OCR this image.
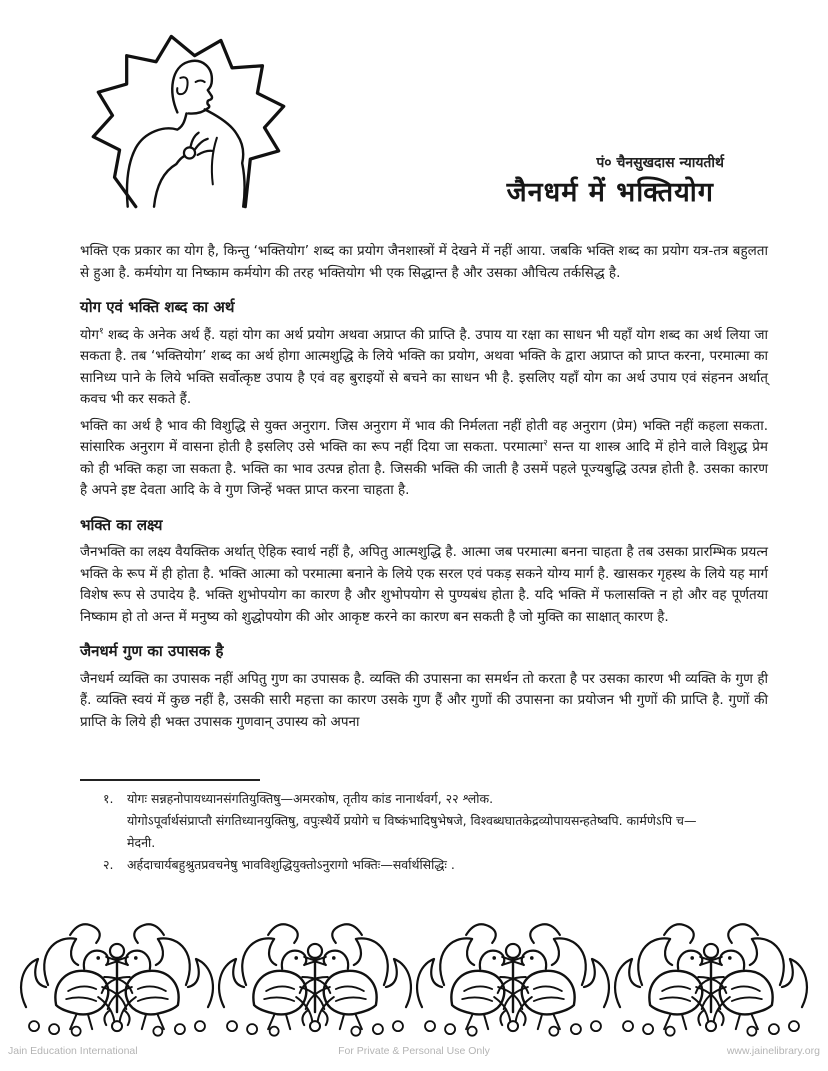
पं० चैनसुखदास न्यायतीर्थ
जैनधर्म में भक्तियोग

भक्ति एक प्रकार का योग है, किन्तु ‘भक्तियोग’ शब्द का प्रयोग जैनशास्त्रों में देखने में नहीं आया. जबकि भक्ति शब्द का प्रयोग यत्र-तत्र बहुलता से हुआ है. कर्मयोग या निष्काम कर्मयोग की तरह भक्तियोग भी एक सिद्धान्त है और उसका औचित्य तर्कसिद्ध है.

योग एवं भक्ति शब्द का अर्थ

योग$^१$ शब्द के अनेक अर्थ हैं. यहां योग का अर्थ प्रयोग अथवा अप्राप्त की प्राप्ति है. उपाय या रक्षा का साधन भी यहाँ योग शब्द का अर्थ लिया जा सकता है. तब ‘भक्तियोग’ शब्द का अर्थ होगा आत्मशुद्धि के लिये भक्ति का प्रयोग, अथवा भक्ति के द्वारा अप्राप्त को प्राप्त करना, परमात्मा का सानिध्य पाने के लिये भक्ति सर्वोत्कृष्ट उपाय है एवं वह बुराइयों से बचने का साधन भी है. इसलिए यहाँ योग का अर्थ उपाय एवं संहनन अर्थात् कवच भी कर सकते हैं.

भक्ति का अर्थ है भाव की विशुद्धि से युक्त अनुराग. जिस अनुराग में भाव की निर्मलता नहीं होती वह अनुराग (प्रेम) भक्ति नहीं कहला सकता. सांसारिक अनुराग में वासना होती है इसलिए उसे भक्ति का रूप नहीं दिया जा सकता. परमात्मा$^२$ सन्त या शास्त्र आदि में होने वाले विशुद्ध प्रेम को ही भक्ति कहा जा सकता है. भक्ति का भाव उत्पन्न होता है. जिसकी भक्ति की जाती है उसमें पहले पूज्यबुद्धि उत्पन्न होती है. उसका कारण है अपने इष्ट देवता आदि के वे गुण जिन्हें भक्त प्राप्त करना चाहता है.

भक्ति का लक्ष्य

जैनभक्ति का लक्ष्य वैयक्तिक अर्थात् ऐहिक स्वार्थ नहीं है, अपितु आत्मशुद्धि है. आत्मा जब परमात्मा बनना चाहता है तब उसका प्रारम्भिक प्रयत्न भक्ति के रूप में ही होता है. भक्ति आत्मा को परमात्मा बनाने के लिये एक सरल एवं पकड़ सकने योग्य मार्ग है. खासकर गृहस्थ के लिये यह मार्ग विशेष रूप से उपादेय है. भक्ति शुभोपयोग का कारण है और शुभोपयोग से पुण्यबंध होता है. यदि भक्ति में फलासक्ति न हो और वह पूर्णतया निष्काम हो तो अन्त में मनुष्य को शुद्धोपयोग की ओर आकृष्ट करने का कारण बन सकती है जो मुक्ति का साक्षात् कारण है.

जैनधर्म गुण का उपासक है

जैनधर्म व्यक्ति का उपासक नहीं अपितु गुण का उपासक है. व्यक्ति की उपासना का समर्थन तो करता है पर उसका कारण भी व्यक्ति के गुण ही हैं. व्यक्ति स्वयं में कुछ नहीं है, उसकी सारी महत्ता का कारण उसके गुण हैं और गुणों की उपासना का प्रयोजन भी गुणों की प्राप्ति है. गुणों की प्राप्ति के लिये ही भक्त उपासक गुणवान् उपास्य को अपना

१.	योगः सन्नहनोपायध्यानसंगतियुक्तिषु—अमरकोष, तृतीय कांड नानार्थवर्ग, २२ श्लोक.
योगोऽपूर्वार्थसंप्राप्तौ संगतिध्यानयुक्तिषु, वपुःस्थैर्ये प्रयोगे च विष्कंभादिषुभेषजे, विश्वब्धघातकेद्रव्योपायसन्हतेष्वपि. कार्मणेऽपि च—
मेदनी.
२.	अर्हदाचार्यबहुश्रुतप्रवचनेषु भावविशुद्धियुक्तोऽनुरागो भक्तिः—सर्वार्थसिद्धिः .
Jain Education International	For Private & Personal Use Only	www.jainelibrary.org
